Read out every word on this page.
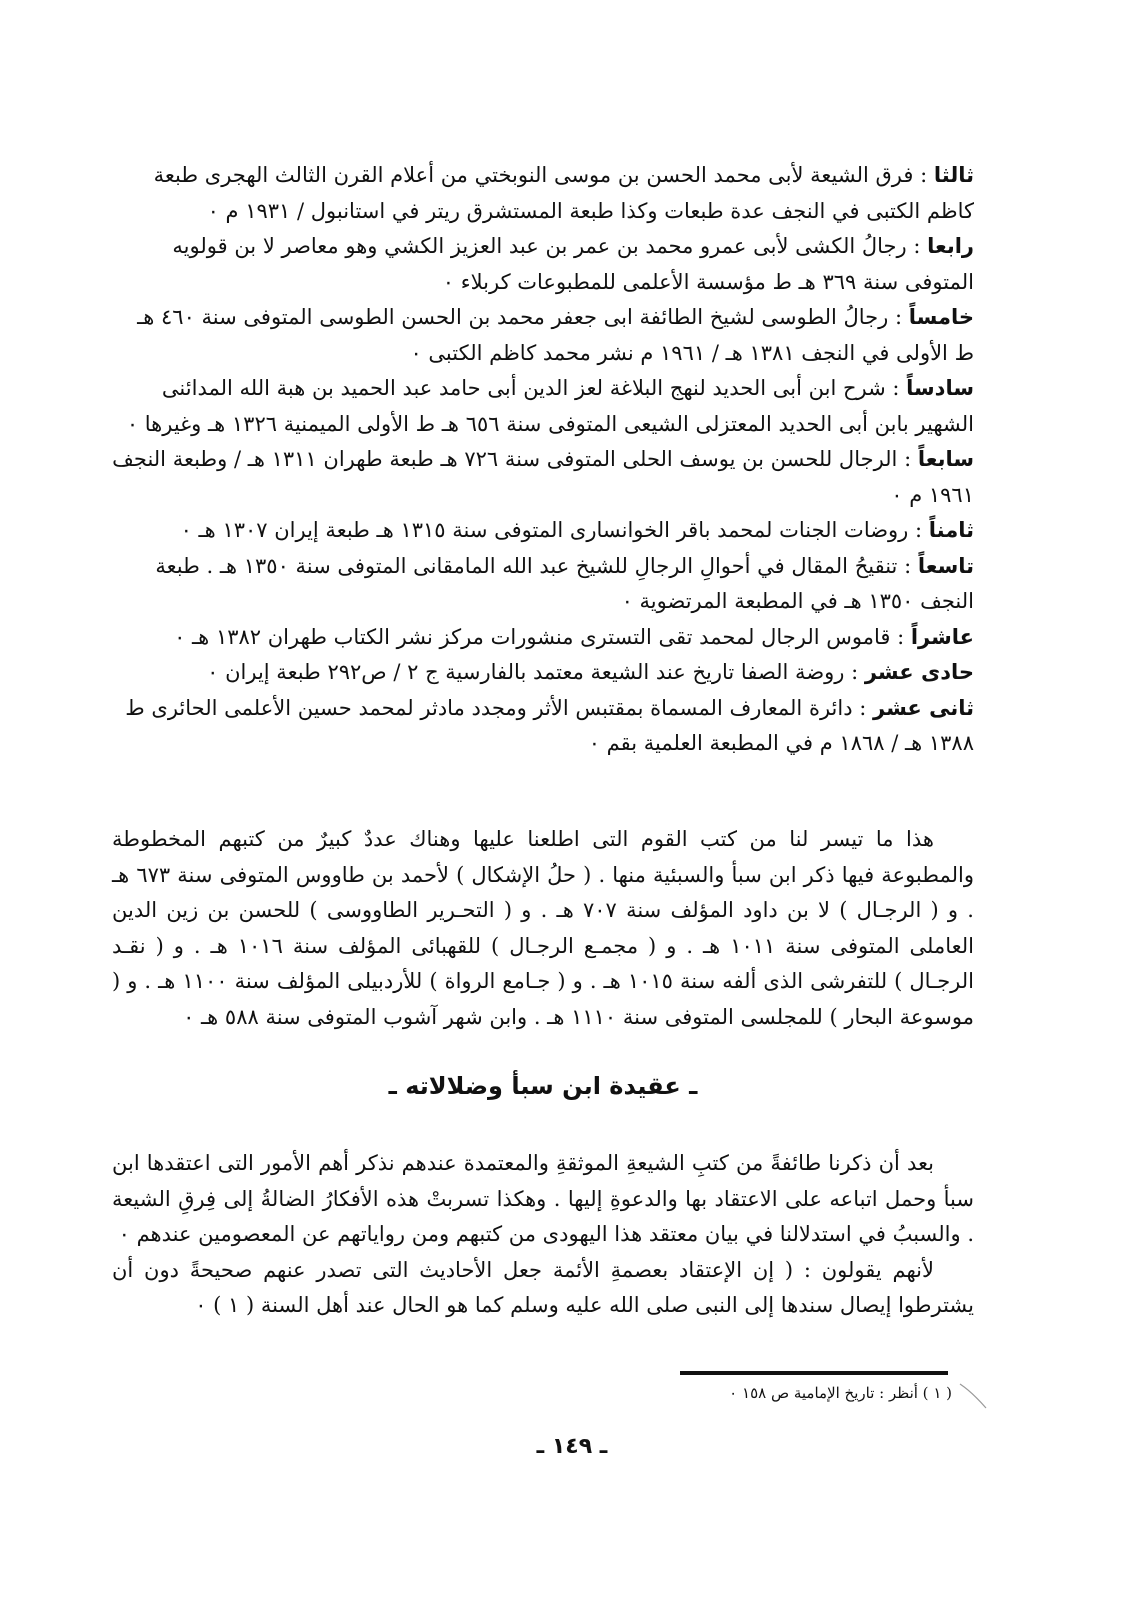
ثالثا : فرق الشيعة لأبى محمد الحسن بن موسى النوبختي من أعلام القرن الثالث الهجرى طبعة كاظم الكتبى في النجف عدة طبعات وكذا طبعة المستشرق ريتر في استانبول / ١٩٣١ م ٠

رابعا : رجالُ الكشى لأبى عمرو محمد بن عمر بن عبد العزيز الكشي وهو معاصر لا بن قولويه المتوفى سنة ٣٦٩ هـ ط مؤسسة الأعلمى للمطبوعات كربلاء ٠

خامساً : رجالُ الطوسى لشيخ الطائفة ابى جعفر محمد بن الحسن الطوسى المتوفى سنة ٤٦٠ هـ ط الأولى في النجف ١٣٨١ هـ / ١٩٦١ م نشر محمد كاظم الكتبى ٠

سادساً : شرح ابن أبى الحديد لنهج البلاغة لعز الدين أبى حامد عبد الحميد بن هبة الله المدائنى الشهير بابن أبى الحديد المعتزلى الشيعى المتوفى سنة ٦٥٦ هـ ط الأولى الميمنية ١٣٢٦ هـ وغيرها ٠

سابعاً : الرجال للحسن بن يوسف الحلى المتوفى سنة ٧٢٦ هـ طبعة طهران ١٣١١ هـ / وطبعة النجف ١٩٦١ م ٠

ثامناً : روضات الجنات لمحمد باقر الخوانسارى المتوفى سنة ١٣١٥ هـ طبعة إيران ١٣٠٧ هـ ٠

تاسعاً : تنقيحُ المقال في أحوالِ الرجالِ للشيخ عبد الله المامقانى المتوفى سنة ١٣٥٠ هـ . طبعة النجف ١٣٥٠ هـ في المطبعة المرتضوية ٠

عاشراً : قاموس الرجال لمحمد تقى التسترى منشورات مركز نشر الكتاب طهران ١٣٨٢ هـ ٠

حادى عشر : روضة الصفا تاريخ عند الشيعة معتمد بالفارسية ج ٢ / ص٢٩٢ طبعة إيران ٠

ثانى عشر : دائرة المعارف المسماة بمقتبس الأثر ومجدد مادثر لمحمد حسين الأعلمى الحائرى ط ١٣٨٨ هـ / ١٨٦٨ م في المطبعة العلمية بقم ٠

هذا ما تيسر لنا من كتب القوم التى اطلعنا عليها وهناك عددٌ كبيرٌ من كتبهم المخطوطة والمطبوعة فيها ذكر ابن سبأ والسبئية منها . ( حلُ الإشكال ) لأحمد بن طاووس المتوفى سنة ٦٧٣ هـ . و ( الرجـال ) لا بن داود المؤلف سنة ٧٠٧ هـ . و ( التحـرير الطاووسى ) للحسن بن زين الدين العاملى المتوفى سنة ١٠١١ هـ . و ( مجمـع الرجـال ) للقهبائى المؤلف سنة ١٠١٦ هـ . و ( نقـد الرجـال ) للتفرشى الذى ألفه سنة ١٠١٥ هـ . و ( جـامع الرواة ) للأردبيلى المؤلف سنة ١١٠٠ هـ . و ( موسوعة البحار ) للمجلسى المتوفى سنة ١١١٠ هـ . وابن شهر آشوب المتوفى سنة ٥٨٨ هـ ٠

ـ عقيدة ابن سبأ وضلالاته ـ

بعد أن ذكرنا طائفةً من كتبِ الشيعةِ الموثقةِ والمعتمدة عندهم نذكر أهم الأمور التى اعتقدها ابن سبأ وحمل اتباعه على الاعتقاد بها والدعوةِ إليها . وهكذا تسربتْ هذه الأفكارُ الضالةُ إلى فِرقِ الشيعة . والسببُ في استدلالنا في بيان معتقد هذا اليهودى من كتبهم ومن رواياتهم عن المعصومين عندهم ٠

لأنهم يقولون : ( إن الإعتقاد بعصمةِ الأئمة جعل الأحاديث التى تصدر عنهم صحيحةً دون أن يشترطوا إيصال سندها إلى النبى صلى الله عليه وسلم كما هو الحال عند أهل السنة ( ١ ) ٠

( ١ ) أنظر : تاريخ الإمامية ص ١٥٨ ٠
ـ ١٤٩ ـ
